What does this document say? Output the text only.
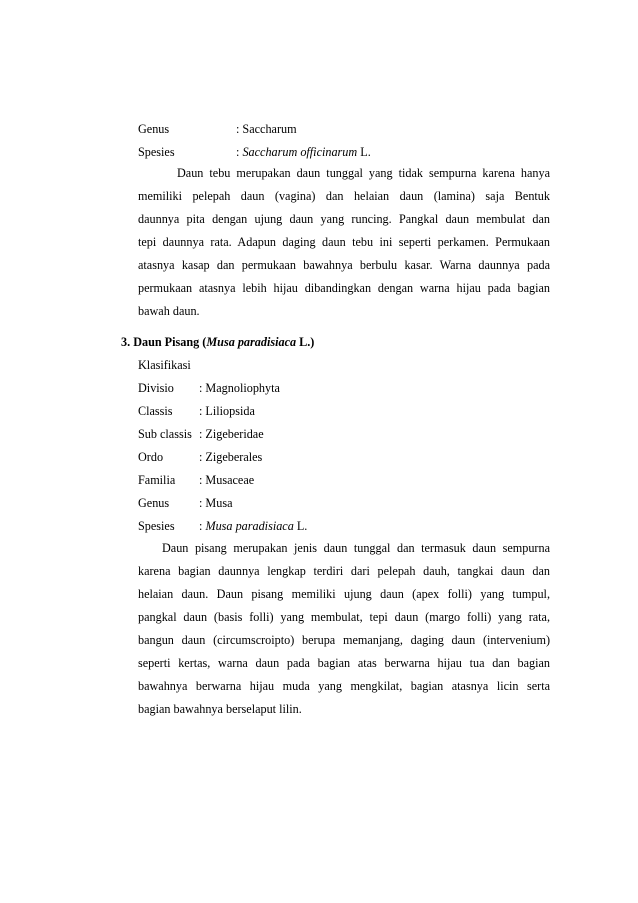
Genus	: Saccharum
Spesies	: Saccharum officinarum L.
Daun tebu merupakan daun tunggal yang tidak sempurna karena hanya
memiliki pelepah daun (vagina) dan helaian daun (lamina) saja Bentuk
daunnya pita dengan ujung daun yang runcing. Pangkal daun membulat dan
tepi daunnya rata. Adapun daging daun tebu ini seperti perkamen. Permukaan
atasnya kasap dan permukaan bawahnya berbulu kasar. Warna daunnya pada
permukaan atasnya lebih hijau dibandingkan dengan warna hijau pada bagian
bawah daun.
3. Daun Pisang (Musa paradisiaca L.)
Klasifikasi
Divisio : Magnoliophyta
Classis : Liliopsida
Sub classis : Zigeberidae
Ordo	: Zigeberales
Familia : Musaceae
Genus : Musa
Spesies : Musa paradisiaca L.
Daun pisang merupakan jenis daun tunggal dan termasuk daun sempurna
karena bagian daunnya lengkap terdiri dari pelepah dauh, tangkai daun dan
helaian daun. Daun pisang memiliki ujung daun (apex folli) yang tumpul,
pangkal daun (basis folli) yang membulat, tepi daun (margo folli) yang rata,
bangun daun (circumscroipto) berupa memanjang, daging daun (intervenium)
seperti kertas, warna daun pada bagian atas berwarna hijau tua dan bagian
bawahnya berwarna hijau muda yang mengkilat, bagian atasnya licin serta
bagian bawahnya berselaput lilin.
